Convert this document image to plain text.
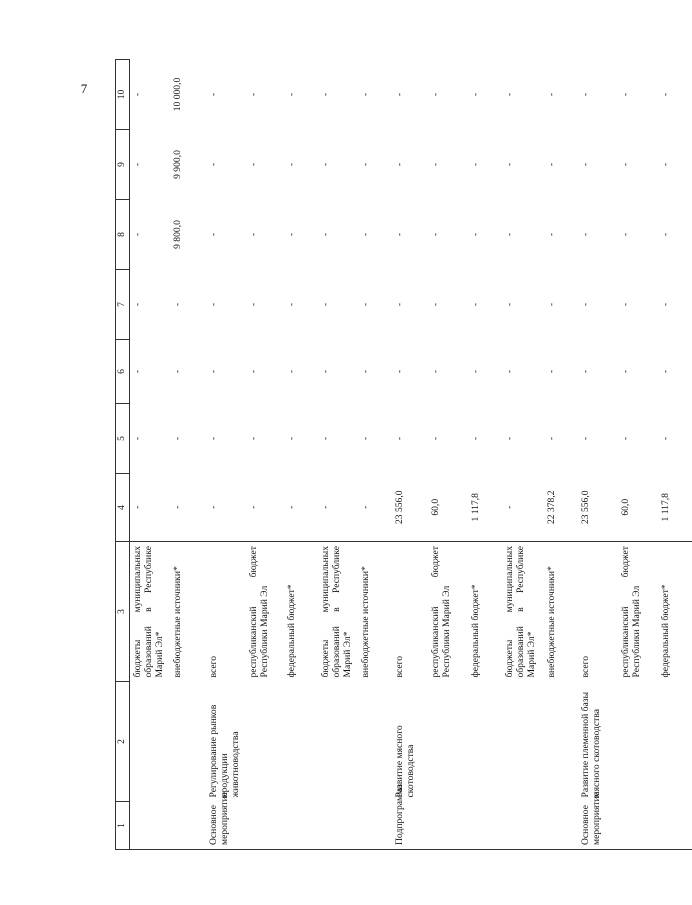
7
1	2	3	4	5	6	7	8	9	10
		бюджеты муниципальных образований в Республике Марий Эл*	-	-	-	-	-	-	-
		внебюджетные источники*	-	-	-	-	9 800,0	9 900,0	10 000,0
Основное мероприятие	Регулирование рынков продукции животноводства	всего	-	-	-	-	-	-	-
		республиканский бюджет Республики Марий Эл	-	-	-	-	-	-	-
		федеральный бюджет*	-	-	-	-	-	-	-
		бюджеты муниципальных образований в Республике Марий Эл*	-	-	-	-	-	-	-
		внебюджетные источники*	-	-	-	-	-	-	-
Подпрограмма	Развитие мясного скотоводства	всего	23 556,0	-	-	-	-	-	-
		республиканский бюджет Республики Марий Эл	60,0	-	-	-	-	-	-
		федеральный бюджет*	1 117,8	-	-	-	-	-	-
		бюджеты муниципальных образований в Республике Марий Эл*	-	-	-	-	-	-	-
		внебюджетные источники*	22 378,2	-	-	-	-	-	-
Основное мероприятие	Развитие племенной базы мясного скотоводства	всего	23 556,0	-	-	-	-	-	-
		республиканский бюджет Республики Марий Эл	60,0	-	-	-	-	-	-
		федеральный бюджет*	1 117,8	-	-	-	-	-	-
